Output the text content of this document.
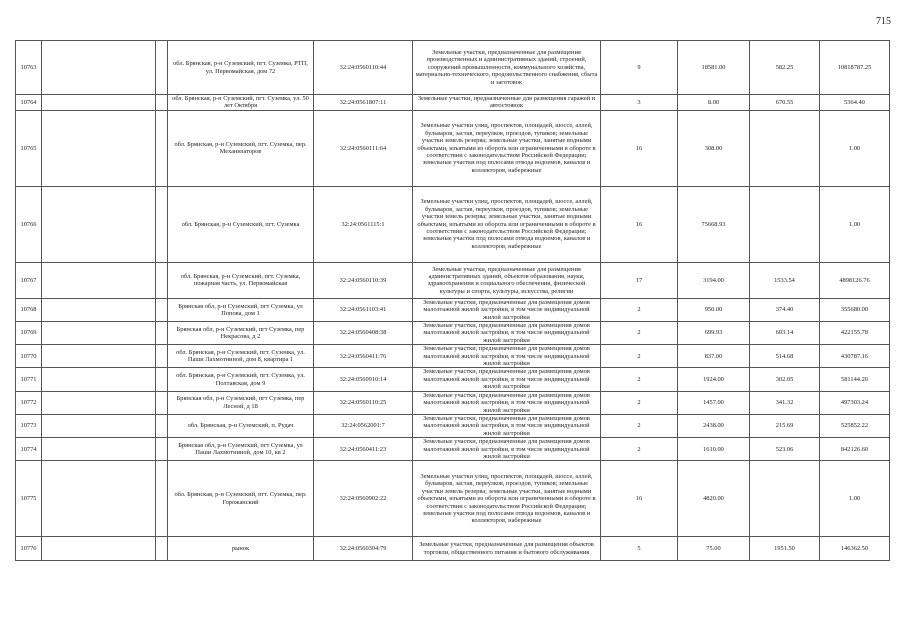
715
10763			обл. Брянская, р-н Суземский, пгт. Суземка, РТП, ул. Первомайская, дом 72	32:24:0560110:44	Земельные участки, предназначенные для размещения производственных и административных зданий, строений, сооружений промышленности, коммунального хозяйства, материально-технического, продовольственного снабжения, сбыта и заготовок	9	18581.00	582.25	10818787.25
10764			обл. Брянская, р-н Суземский, пгт. Суземка, ул. 50 лет Октября	32:24:0561807:11	Земельные участки, предназначенные для размещения гаражей и автостоянок	3	8.00	670.55	5364.40
10765			обл. Брянская, р-н Суземский, пгт. Суземка, пер. Механизаторов	32:24:0560111:64	Земельные участки улиц, проспектов, площадей, шоссе, аллей, бульваров, застав, переулков, проездов, тупиков; земельные участки земель резерва; земельные участки, занятые водными объектами, изъятыми из оборота или ограниченными в обороте в соответствии с законодательством Российской Федерации; земельные участки под полосами отвода водоемов, каналов и коллекторов, набережные	16	308.00		1.00
10766			обл. Брянская, р-н Суземский, пгт. Суземка	32:24:0561115:1	Земельные участки улиц, проспектов, площадей, шоссе, аллей, бульваров, застав, переулков, проездов, тупиков; земельные участки земель резерва; земельные участки, занятые водными объектами, изъятыми из оборота или ограниченными в обороте в соответствии с законодательством Российской Федерации; земельные участки под полосами отвода водоемов, каналов и коллекторов, набережные	16	75668.93		1.00
10767			обл. Брянская, р-н Суземский, пгт. Суземка, пожарная часть, ул. Первомайская	32:24:0560110:39	Земельные участки, предназначенные для размещения административных зданий, объектов образования, науки, здравоохранения и социального обеспечения, физической культуры и спорта, культуры, искусства, религии	17	3194.00	1533.54	4898126.76
10768			Брянская обл, р-н Суземский, пгт Суземка, ул Попова, дом 1	32:24:0561103:41	Земельные участки, предназначенные для размещения домов малоэтажной жилой застройки, в том числе индивидуальной жилой застройки	2	950.00	374.40	355680.00
10769			Брянская обл, р-н Суземский, пгт Суземка, пер Некрасова, д 2	32:24:0560408:38	Земельные участки, предназначенные для размещения домов малоэтажной жилой застройки, в том числе индивидуальной жилой застройки	2	699.93	603.14	422155.78
10770			обл. Брянская, р-н Суземский, пгт. Суземка, ул. Паши Лахмотниной, дом 8, квартира 1	32:24:0560411:76	Земельные участки, предназначенные для размещения домов малоэтажной жилой застройки, в том числе индивидуальной жилой застройки	2	837.00	514.68	430787.16
10771			обл. Брянская, р-н Суземский, пгт. Суземка, ул. Полтавская, дом 9	32:24:0560910:14	Земельные участки, предназначенные для размещения домов малоэтажной жилой застройки, в том числе индивидуальной жилой застройки	2	1924.00	302.05	581144.20
10772			Брянская обл, р-н Суземский, пгт Суземка, пер Лесной, д 18	32:24:0560110:25	Земельные участки, предназначенные для размещения домов малоэтажной жилой застройки, в том числе индивидуальной жилой застройки	2	1457.00	341.32	497303.24
10773			обл. Брянская, р-н Суземский, п. Рудач	32:24:0562001:7	Земельные участки, предназначенные для размещения домов малоэтажной жилой застройки, в том числе индивидуальной жилой застройки	2	2438.00	215.69	525852.22
10774			Брянская обл, р-н Суземский, пгт Суземка, ул Паши Лахмотниной, дом 10, кв 2	32:24:0560411:23	Земельные участки, предназначенные для размещения домов малоэтажной жилой застройки, в том числе индивидуальной жилой застройки	2	1610.00	523.06	842126.60
10775			обл. Брянская, р-н Суземский, пгт. Суземка, пер. Горожанский	32:24:0560902:22	Земельные участки улиц, проспектов, площадей, шоссе, аллей, бульваров, застав, переулков, проездов, тупиков; земельные участки земель резерва; земельные участки, занятые водными объектами, изъятыми из оборота или ограниченными в обороте в соответствии с законодательством Российской Федерации; земельные участки под полосами отвода водоемов, каналов и коллекторов, набережные	16	4820.00		1.00
10776			рынок	32:24:0560304:79	Земельные участки, предназначенные для размещения объектов торговли, общественного питания и бытового обслуживания	5	75.00	1951.50	146362.50
